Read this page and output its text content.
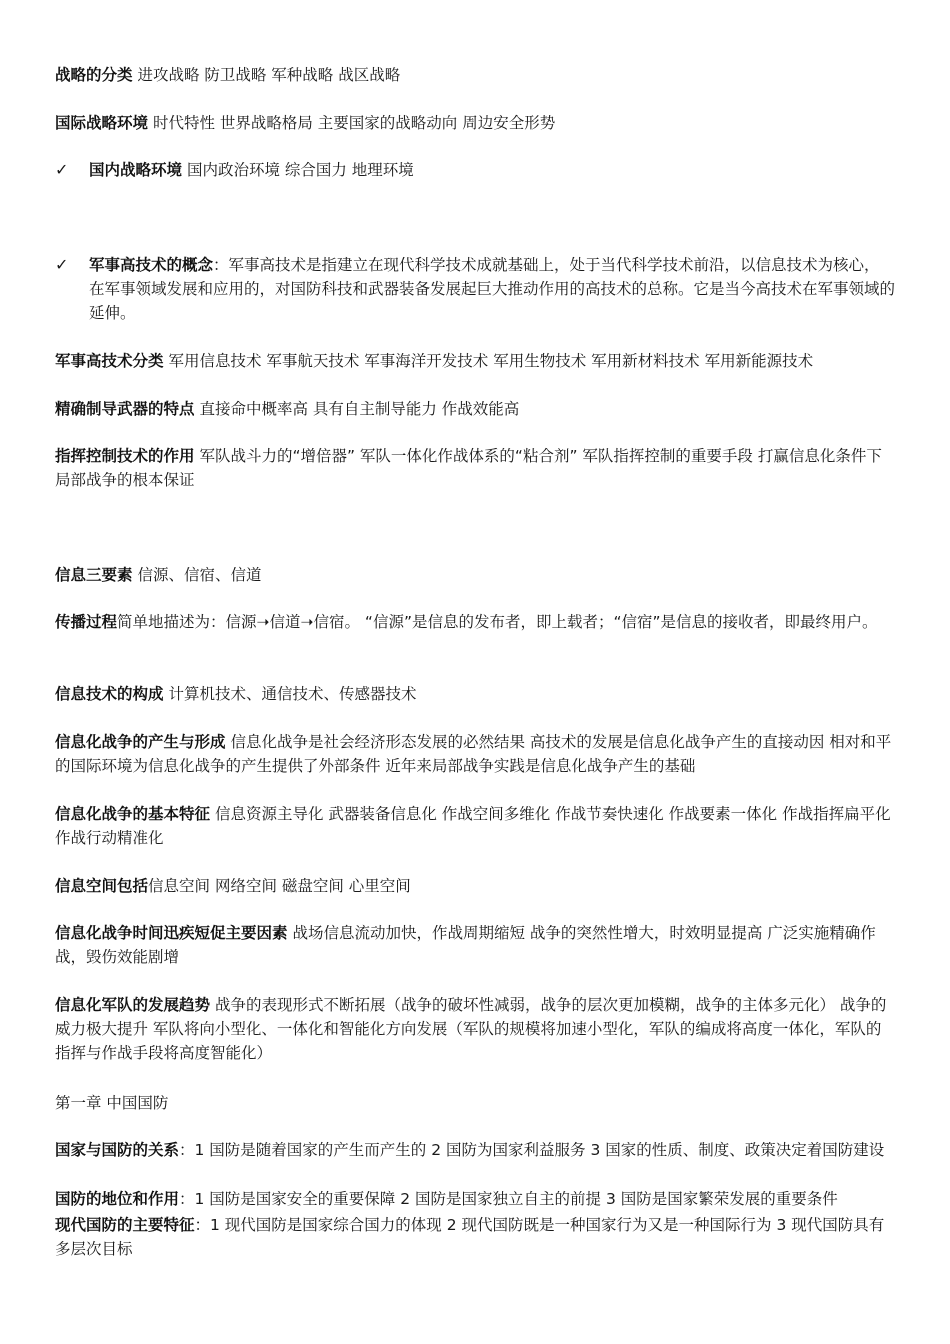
战略的分类 进攻战略 防卫战略 军种战略 战区战略

国际战略环境 时代特性 世界战略格局 主要国家的战略动向 周边安全形势

✓ 国内战略环境 国内政治环境 综合国力 地理环境

✓ 军事高技术的概念：军事高技术是指建立在现代科学技术成就基础上，处于当代科学技术前沿，以信息技术为核心，在军事领域发展和应用的，对国防科技和武器装备发展起巨大推动作用的高技术的总称。它是当今高技术在军事领域的延伸。

军事高技术分类 军用信息技术 军事航天技术 军事海洋开发技术 军用生物技术 军用新材料技术 军用新能源技术

精确制导武器的特点 直接命中概率高 具有自主制导能力 作战效能高

指挥控制技术的作用 军队战斗力的“增倍器” 军队一体化作战体系的“粘合剂” 军队指挥控制的重要手段 打赢信息化条件下局部战争的根本保证

信息三要素 信源、信宿、信道

传播过程简单地描述为：信源➝信道➝信宿。 “信源”是信息的发布者，即上载者；“信宿”是信息的接收者，即最终用户。

信息技术的构成 计算机技术、通信技术、传感器技术

信息化战争的产生与形成 信息化战争是社会经济形态发展的必然结果 高技术的发展是信息化战争产生的直接动因 相对和平的国际环境为信息化战争的产生提供了外部条件 近年来局部战争实践是信息化战争产生的基础

信息化战争的基本特征 信息资源主导化 武器装备信息化 作战空间多维化 作战节奏快速化 作战要素一体化 作战指挥扁平化 作战行动精准化

信息空间包括信息空间 网络空间 磁盘空间 心里空间

信息化战争时间迅疾短促主要因素 战场信息流动加快，作战周期缩短 战争的突然性增大，时效明显提高 广泛实施精确作战，毁伤效能剧增

信息化军队的发展趋势 战争的表现形式不断拓展（战争的破坏性减弱，战争的层次更加模糊，战争的主体多元化） 战争的威力极大提升 军队将向小型化、一体化和智能化方向发展（军队的规模将加速小型化，军队的编成将高度一体化，军队的指挥与作战手段将高度智能化）

第一章 中国国防

国家与国防的关系：1 国防是随着国家的产生而产生的 2 国防为国家利益服务 3 国家的性质、制度、政策决定着国防建设

国防的地位和作用：1 国防是国家安全的重要保障 2 国防是国家独立自主的前提 3 国防是国家繁荣发展的重要条件

现代国防的主要特征：1 现代国防是国家综合国力的体现 2 现代国防既是一种国家行为又是一种国际行为 3 现代国防具有多层次目标
